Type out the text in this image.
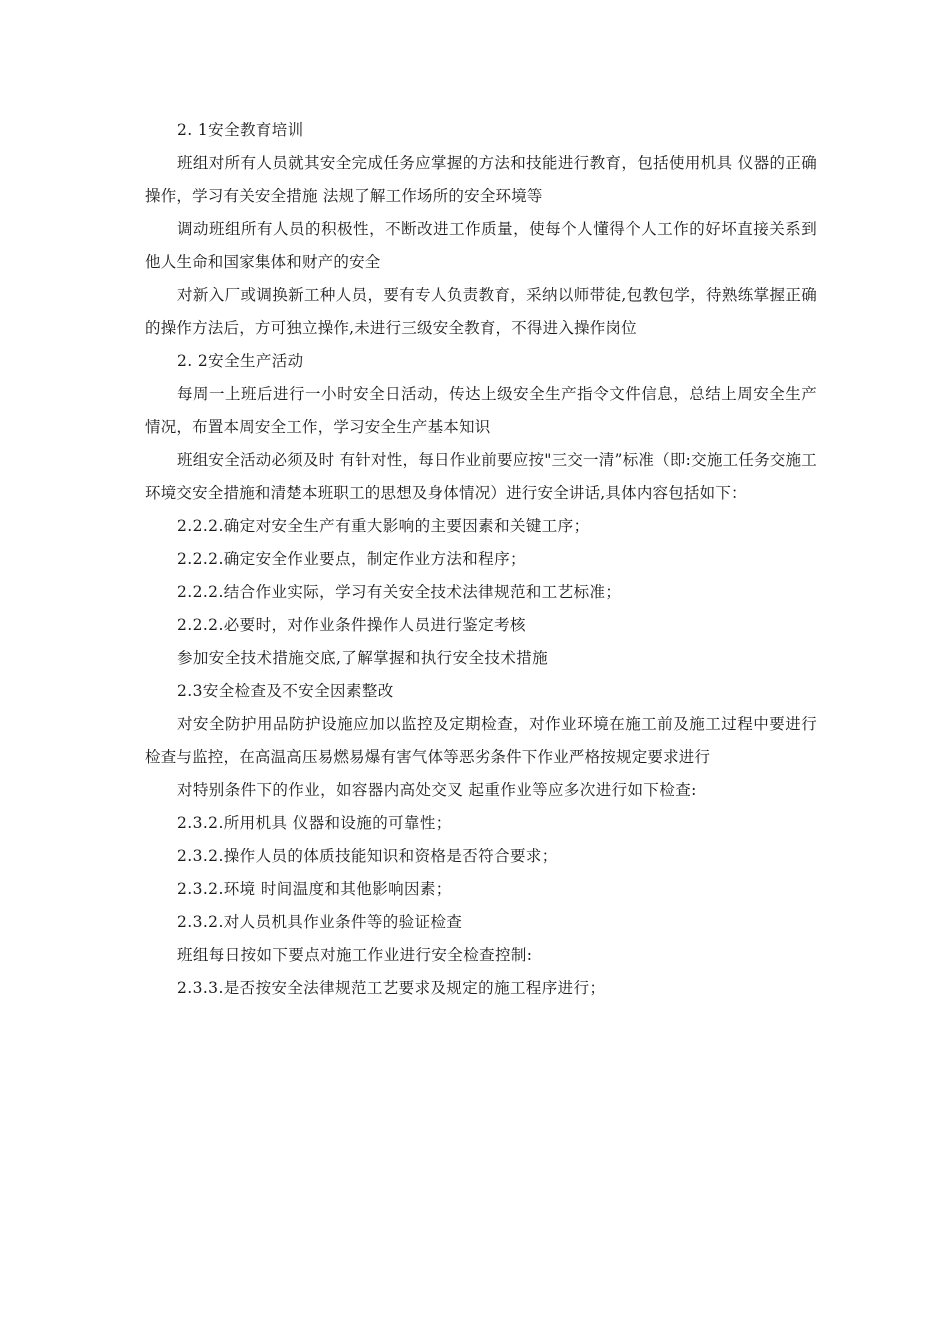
2. 1安全教育培训

班组对所有人员就其安全完成任务应掌握的方法和技能进行教育，包括使用机具 仪器的正确操作，学习有关安全措施 法规了解工作场所的安全环境等

调动班组所有人员的积极性，不断改进工作质量，使每个人懂得个人工作的好坏直接关系到他人生命和国家集体和财产的安全

对新入厂或调换新工种人员，要有专人负责教育，采纳以师带徒,包教包学，待熟练掌握正确的操作方法后，方可独立操作,未进行三级安全教育，不得进入操作岗位

2. 2安全生产活动

每周一上班后进行一小时安全日活动，传达上级安全生产指令文件信息，总结上周安全生产情况，布置本周安全工作，学习安全生产基本知识

班组安全活动必须及时 有针对性，每日作业前要应按"三交一清”标准（即:交施工任务交施工环境交安全措施和清楚本班职工的思想及身体情况）进行安全讲话,具体内容包括如下：

2.2.2.确定对安全生产有重大影响的主要因素和关键工序；

2.2.2.确定安全作业要点，制定作业方法和程序；

2.2.2.结合作业实际，学习有关安全技术法律规范和工艺标准；

2.2.2.必要时，对作业条件操作人员进行鉴定考核

参加安全技术措施交底,了解掌握和执行安全技术措施

2.3安全检查及不安全因素整改

对安全防护用品防护设施应加以监控及定期检查，对作业环境在施工前及施工过程中要进行检查与监控，在高温高压易燃易爆有害气体等恶劣条件下作业严格按规定要求进行

对特别条件下的作业，如容器内高处交叉 起重作业等应多次进行如下检查:

2.3.2.所用机具 仪器和设施的可靠性；

2.3.2.操作人员的体质技能知识和资格是否符合要求；

2.3.2.环境 时间温度和其他影响因素；

2.3.2.对人员机具作业条件等的验证检查

班组每日按如下要点对施工作业进行安全检查控制:

2.3.3.是否按安全法律规范工艺要求及规定的施工程序进行；
